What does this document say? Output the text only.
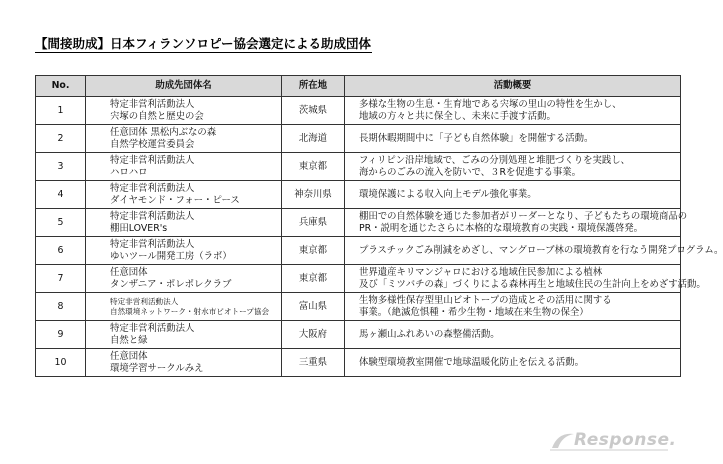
【間接助成】日本フィランソロピー協会選定による助成団体
No.	助成先団体名	所在地	活動概要
1	特定非営利活動法人
宍塚の自然と歴史の会	茨城県	多様な生物の生息・生育地である宍塚の里山の特性を生かし、
地域の方々と共に保全し、未来に手渡す活動。

2	任意団体 黒松内ぶなの森
自然学校運営委員会	北海道	長期休暇期間中に「子ども自然体験」を開催する活動。

3	特定非営利活動法人
ハロハロ	東京都	フィリピン沿岸地域で、ごみの分別処理と堆肥づくりを実践し、
海からのごみの流入を防いで、３Rを促進する事業。

4	特定非営利活動法人
ダイヤモンド・フォー・ピース	神奈川県	環境保護による収入向上モデル強化事業。

5	特定非営利活動法人
棚田LOVER's	兵庫県	棚田での自然体験を通じた参加者がリーダーとなり、子どもたちの環境商品の
PR・説明を通じたさらに本格的な環境教育の実践・環境保護啓発。

6	特定非営利活動法人
ゆいツール開発工房（ラボ）	東京都	プラスチックごみ削減をめざし、マングローブ林の環境教育を行なう開発プログラム。

7	任意団体
タンザニア・ポレポレクラブ	東京都	世界遺産キリマンジャロにおける地域住民参加による植林
及び「ミツバチの森」づくりによる森林再生と地域住民の生計向上をめざす活動。

8	特定非営利活動法人
自然環境ネットワーク・射水市ビオトープ協会	富山県	生物多様性保存型里山ビオトープの造成とその活用に関する
事業。（絶滅危惧種・希少生物・地域在来生物の保全）

9	特定非営利活動法人
自然と緑	大阪府	馬ヶ瀬山ふれあいの森整備活動。

10	任意団体
環境学習サークルみえ	三重県	体験型環境教室開催で地球温暖化防止を伝える活動。
Response.
